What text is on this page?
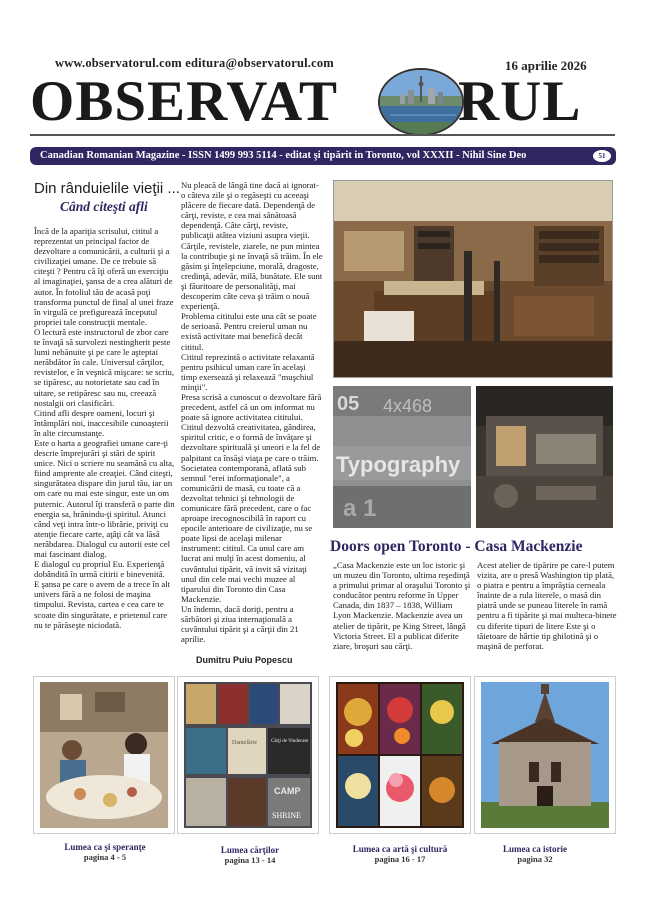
www.observatorul.com editura@observatorul.com	16 aprilie 2026
OBSERVAT RUL
Canadian Romanian Magazine - ISSN 1499 993 5114 - editat şi tipărit in Toronto, vol XXXII - Nihil Sine Deo	51
Din rânduielile vieţii ...
Când citeşti afli

Încă de la apariţia scrisului, cititul a reprezentat un principal factor de dezvoltare a comunicării, a culturii şi a civilizaţiei umane. De ce trebuie să citeşti ? Pentru că îţi oferă un exerciţiu al imaginaţiei, şansa de a crea alături de autor. În fotoliul tău de acasă poţi transforma punctul de final al unei fraze în virgulă ce prefigurează începutul propriei tale construcţii mentale.

O lectură este instructorul de zbor care te învaţă să survolezi nestingherit peste lumi nebănuite şi pe care le aşteptai nerăbdător în cale. Universul cărţilor, revistelor, e în veşnică mişcare: se scriu, se tipăresc, au notorietate sau cad în uitare, se retipăresc sau nu, creează nostalgii ori clasificări.

Citind afli despre oameni, locuri şi întâmplări noi, inaccesibile cunoaşterii în alte circumstanţe.

Este o harta a geografiei umane care-ţi descrie împrejurări şi stări de spirit unice. Nici o scriere nu seamănă cu alta, fiind amprente ale creaţiei. Când citeşti, singurătatea dispare din jurul tău, iar un om care nu mai este singur, este un om puternic. Autorul îţi transferă o parte din energia sa, hrănindu-ţi spiritul. Atunci când veţi intra într-o librărie, priviţi cu atenţie fiecare carte, aţâţi cât va lăsă nerăbdarea. Dialogul cu autorii este cel mai fascinant dialog.

E dialogul cu propriul Eu. Experienţă dobândită în urmă citirii e binevenită.

E şansa pe care o avem de a trece în alt univers fără a ne folosi de maşina timpului. Revista, cartea e cea care te scoate din singurătate, e prietenul care nu te părăseşte niciodată.

Nu pleacă de lângă tine dacă ai ignorat-o câteva zile şi o regăseşti cu aceeaşi plăcere de fiecare dată. Dependenţă de cărţi, reviste, e cea mai sănătoasă dependenţă. Câte cărţi, reviste, publicaţii atâtea viziuni asupra vieţii. Cărţile, revistele, ziarele, ne pun mintea la contribuţie şi ne învaţă să trăim. În ele găsim şi înţelepciune, morală, dragoste, credinţă, adevăr, milă, bunătate. Ele sunt şi făuritoare de personalităţi, mai descoperim câte ceva şi trăim o nouă experienţă.

Problema cititului este una cât se poate de serioasă. Pentru creierul uman nu există activitate mai benefică decât cititul.

Cititul reprezintă o activitate relaxantă pentru psihicul uman care în acelaşi timp exersează şi relaxează "muşchiul minţii".

Presa scrisă a cunoscut o dezvoltare fără precedent, astfel că un om informat nu poate să ignore activitatea cititului.

Cititul dezvoltă creativitatea, gândirea, spiritul critic, e o formă de învăţare şi dezvoltare spirituală şi uneori e la fel de palpitant ca însăşi viaţa pe care o trăim.

Societatea contemporană, aflată sub semnul "erei informaţionale", a comunicării de masă, cu toate că a dezvoltat tehnici şi tehnologii de comunicare fără precedent, care o fac aproape irecognoscibilă în raport cu epocile anterioare de civilizaţie, nu se poate lipsi de acelaşi milenar instrument: cititul. Ca unul care am lucrat ani mulţi în acest domeniu, al cuvântului tipărit, vă invit să vizitaţi unul din cele mai vechi muzee al tiparului din Toronto din Casa Mackenzie.

Un îndemn, dacă doriţi, pentru a sărbători şi ziua internaţională a cuvântului tipărit şi a cărţii din 21 aprilie.

Dumitru Puiu Popescu
05 4x468
Typography
a 1
Doors open Toronto - Casa Mackenzie
„Casa Mackenzie este un loc istoric şi un muzeu din Toronto, ultima reşedinţă a primului primar al oraşului Toronto şi conducător pentru reforme în Upper Canada, din 1837 – 1838, William Lyon Mackenzie. Mackenzie avea un atelier de tipărit, pe King Street, lângă Victoria Street. El a publicat diferite ziare, broşuri sau cărţi.
Acest atelier de tipărire pe care-l putem vizita, are o presă Washington tip plată, o piatra e pentru a împrăştia cerneala înainte de a rula literele, o masă din piatră unde se puneau literele în ramă pentru a fi tipărite şi mai multeca-binete cu diferite tipuri de litere Este şi o tăietoare de hârtie tip ghilotină şi o maşină de perforat.
Dantelărie	Cărţi de Vindecare
CAMP
SHRINE
Lumea ca şi speranţe
pagina 4 - 5
Lumea cărţilor
pagina 13 - 14
Lumea ca artă şi cultură
pagina 16 - 17
Lumea ca istorie
pagina 32
